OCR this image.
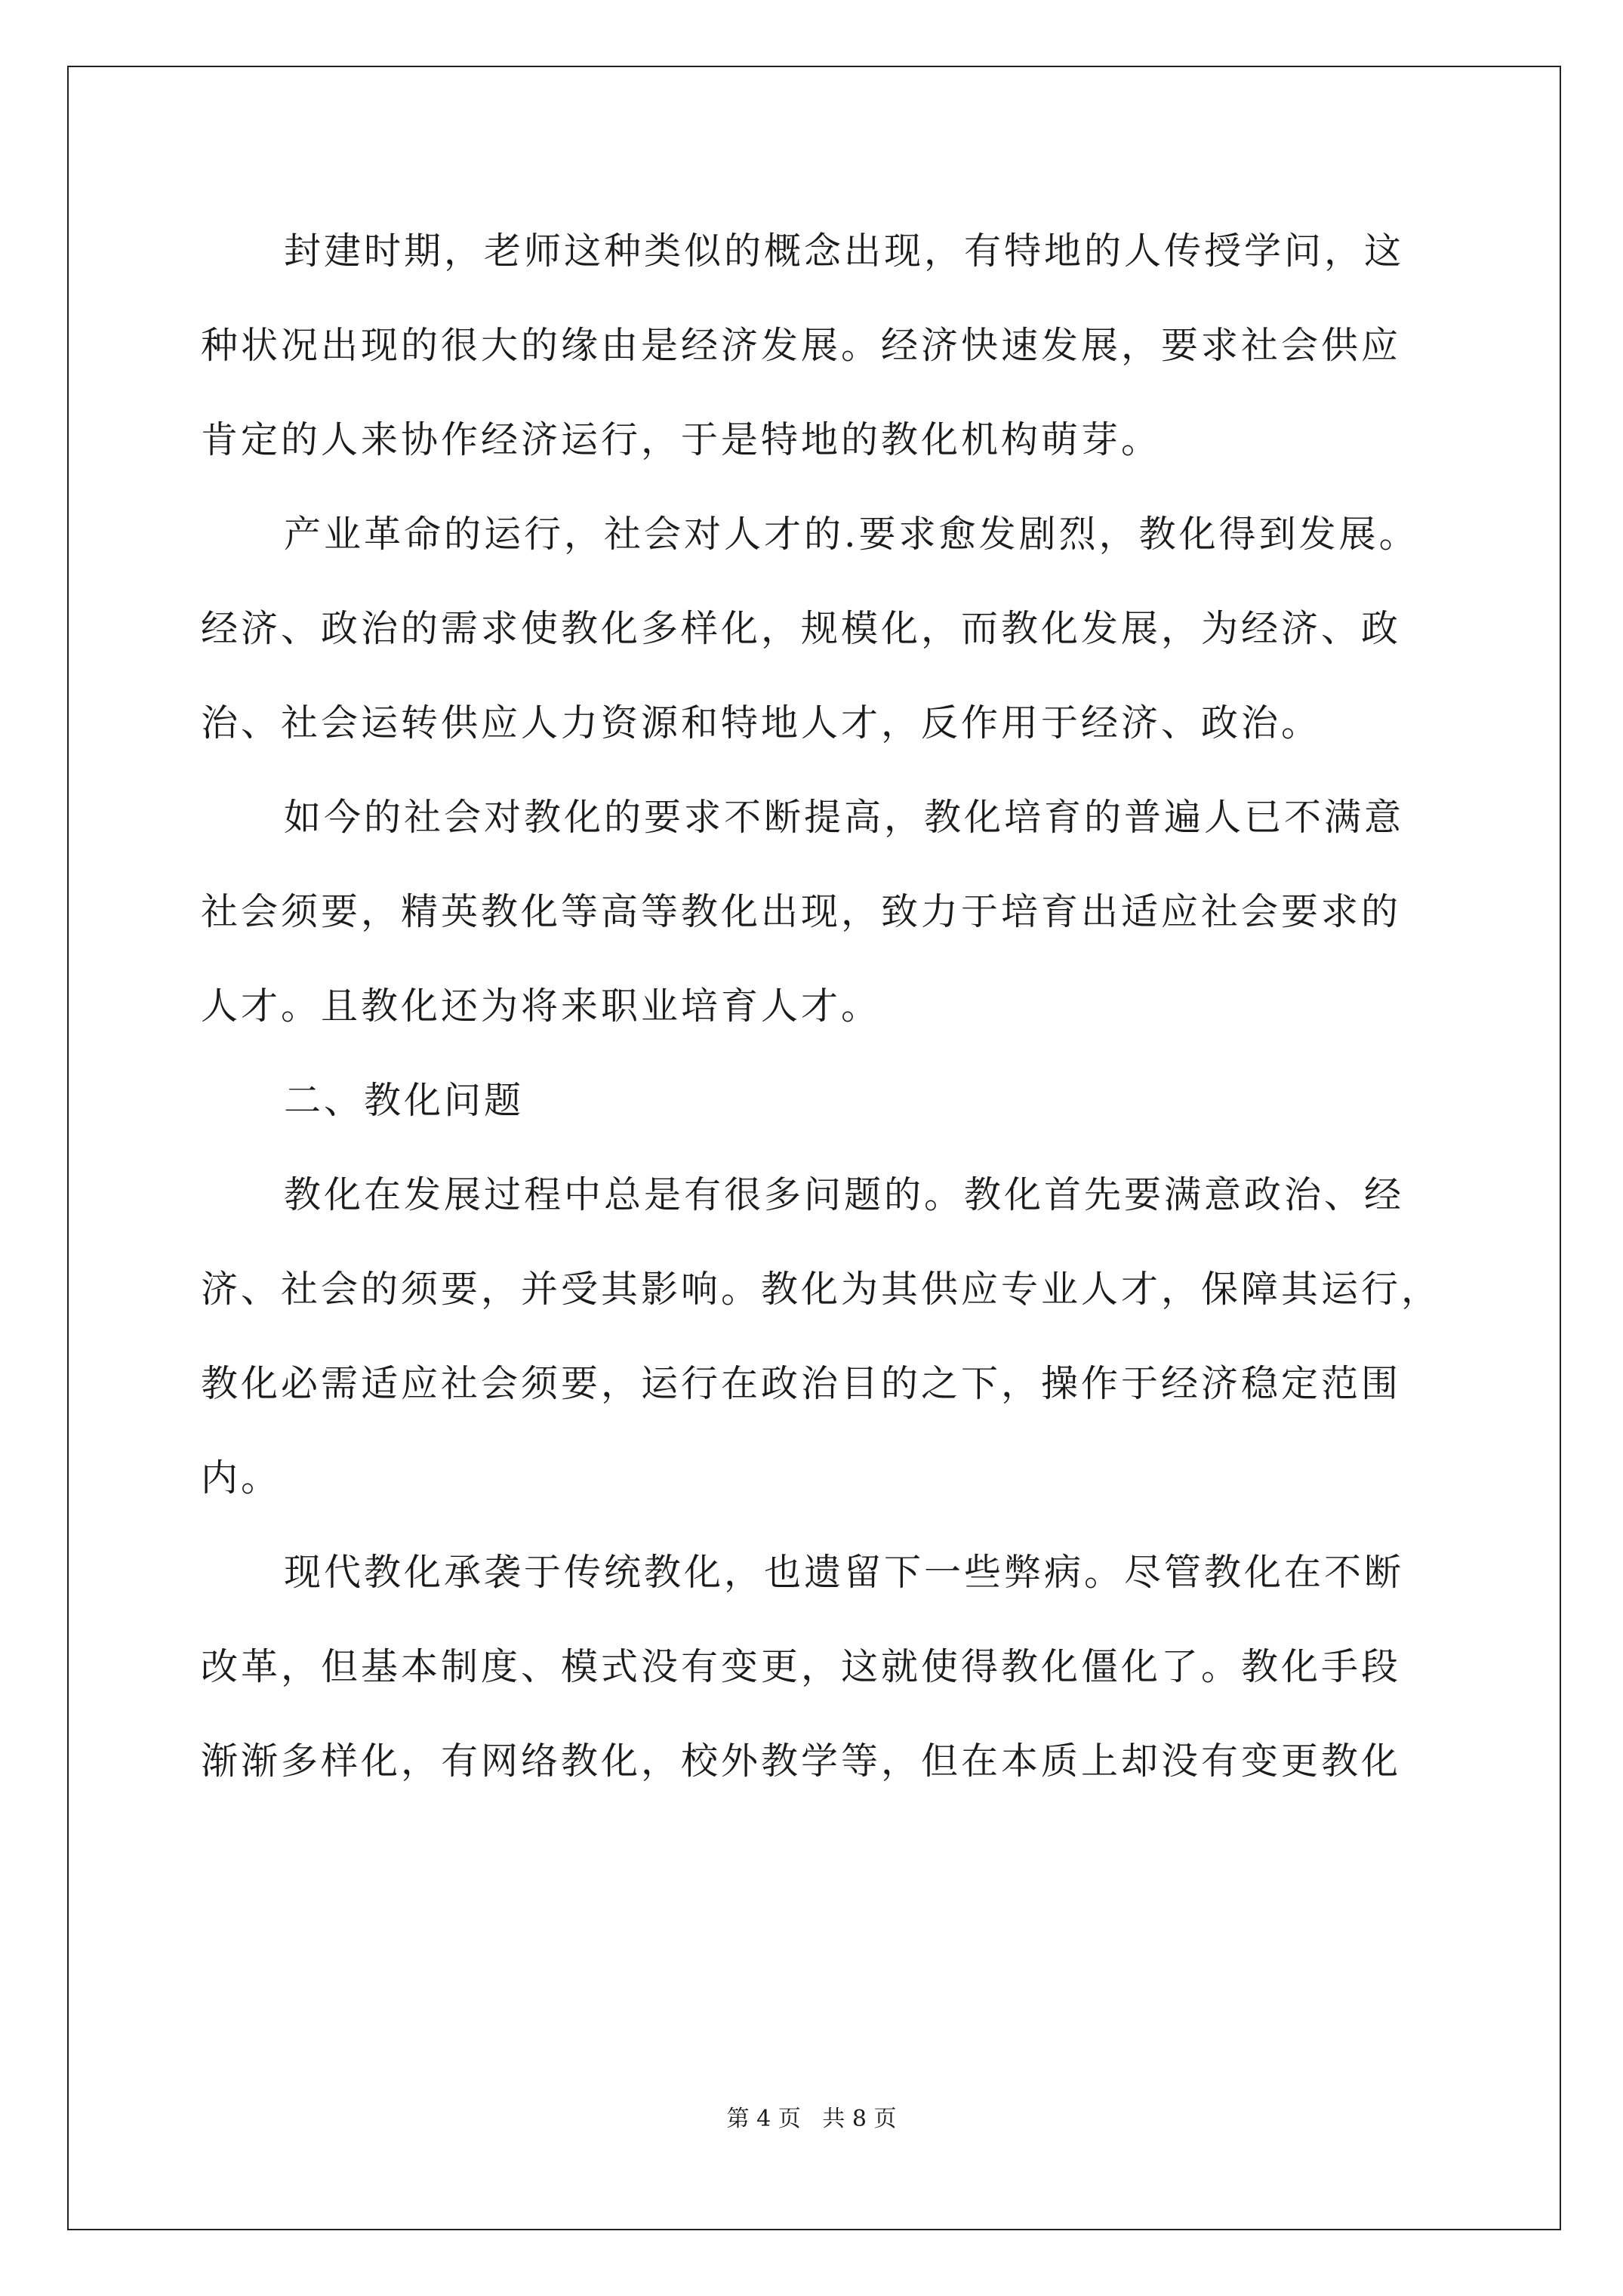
封建时期，老师这种类似的概念出现，有特地的人传授学问，这
种状况出现的很大的缘由是经济发展。经济快速发展，要求社会供应
肯定的人来协作经济运行，于是特地的教化机构萌芽。
产业革命的运行，社会对人才的.要求愈发剧烈，教化得到发展。
经济、政治的需求使教化多样化，规模化，而教化发展，为经济、政
治、社会运转供应人力资源和特地人才，反作用于经济、政治。
如今的社会对教化的要求不断提高，教化培育的普遍人已不满意
社会须要，精英教化等高等教化出现，致力于培育出适应社会要求的
人才。且教化还为将来职业培育人才。
二、教化问题
教化在发展过程中总是有很多问题的。教化首先要满意政治、经
济、社会的须要，并受其影响。教化为其供应专业人才，保障其运行，
教化必需适应社会须要，运行在政治目的之下，操作于经济稳定范围
内。
现代教化承袭于传统教化，也遗留下一些弊病。尽管教化在不断
改革，但基本制度、模式没有变更，这就使得教化僵化了。教化手段
渐渐多样化，有网络教化，校外教学等，但在本质上却没有变更教化
第 4 页   共 8 页
